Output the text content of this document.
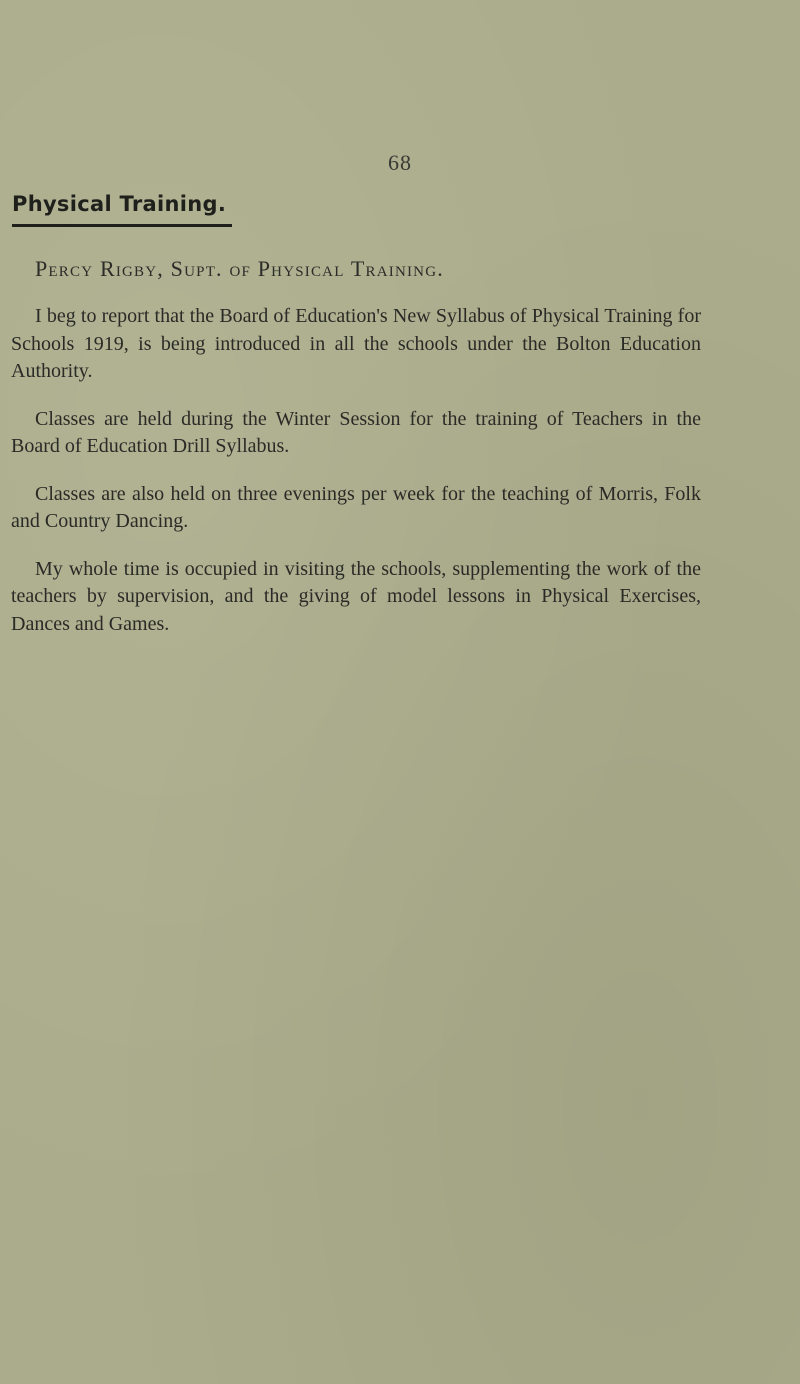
68
Physical Training.
Percy Rigby, Supt. of Physical Training.

I beg to report that the Board of Education's New Syllabus of Physical Training for Schools 1919, is being introduced in all the schools under the Bolton Education Authority.

Classes are held during the Winter Session for the training of Teachers in the Board of Education Drill Syllabus.

Classes are also held on three evenings per week for the teaching of Morris, Folk and Country Dancing.

My whole time is occupied in visiting the schools, supplementing the work of the teachers by supervision, and the giving of model lessons in Physical Exercises, Dances and Games.
